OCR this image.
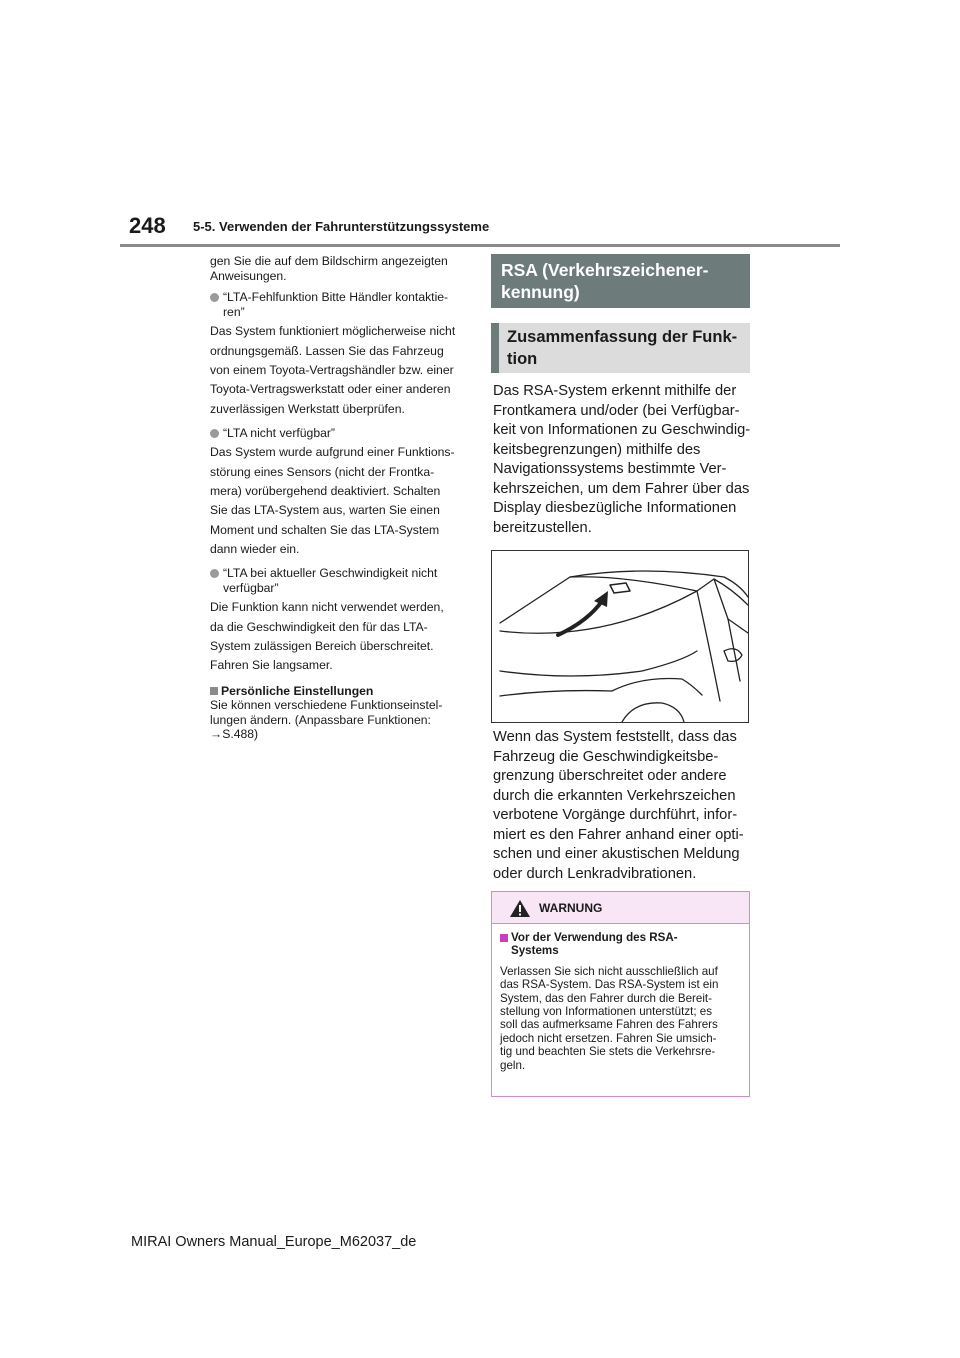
248 5-5. Verwenden der Fahrunterstützungssysteme

gen Sie die auf dem Bildschirm angezeigten

Anweisungen.

“LTA-Fehlfunktion Bitte Händler kontaktie-

ren”

Das System funktioniert möglicherweise nicht

ordnungsgemäß. Lassen Sie das Fahrzeug

von einem Toyota-Vertragshändler bzw. einer

Toyota-Vertragswerkstatt oder einer anderen

zuverlässigen Werkstatt überprüfen.

“LTA nicht verfügbar”

Das System wurde aufgrund einer Funktions-

störung eines Sensors (nicht der Frontka-

mera) vorübergehend deaktiviert. Schalten

Sie das LTA-System aus, warten Sie einen

Moment und schalten Sie das LTA-System

dann wieder ein.

“LTA bei aktueller Geschwindigkeit nicht

verfügbar”

Die Funktion kann nicht verwendet werden,

da die Geschwindigkeit den für das LTA-

System zulässigen Bereich überschreitet.

Fahren Sie langsamer.

Persönliche Einstellungen

Sie können verschiedene Funktionseinstel-

lungen ändern. (Anpassbare Funktionen:

→S.488)

RSA (Verkehrszeichener-
kennung)
Zusammenfassung der Funk-
tion

Das RSA-System erkennt mithilfe der

Frontkamera und/oder (bei Verfügbar-

keit von Informationen zu Geschwindig-

keitsbegrenzungen) mithilfe des

Navigationssystems bestimmte Ver-

kehrszeichen, um dem Fahrer über das

Display diesbezügliche Informationen

bereitzustellen.

Wenn das System feststellt, dass das

Fahrzeug die Geschwindigkeitsbe-

grenzung überschreitet oder andere

durch die erkannten Verkehrszeichen

verbotene Vorgänge durchführt, infor-

miert es den Fahrer anhand einer opti-

schen und einer akustischen Meldung

oder durch Lenkradvibrationen.

WARNUNG
Vor der Verwendung des RSA-
Systems

Verlassen Sie sich nicht ausschließlich auf

das RSA-System. Das RSA-System ist ein

System, das den Fahrer durch die Bereit-

stellung von Informationen unterstützt; es

soll das aufmerksame Fahren des Fahrers

jedoch nicht ersetzen. Fahren Sie umsich-

tig und beachten Sie stets die Verkehrsre-

geln.

MIRAI Owners Manual_Europe_M62037_de
